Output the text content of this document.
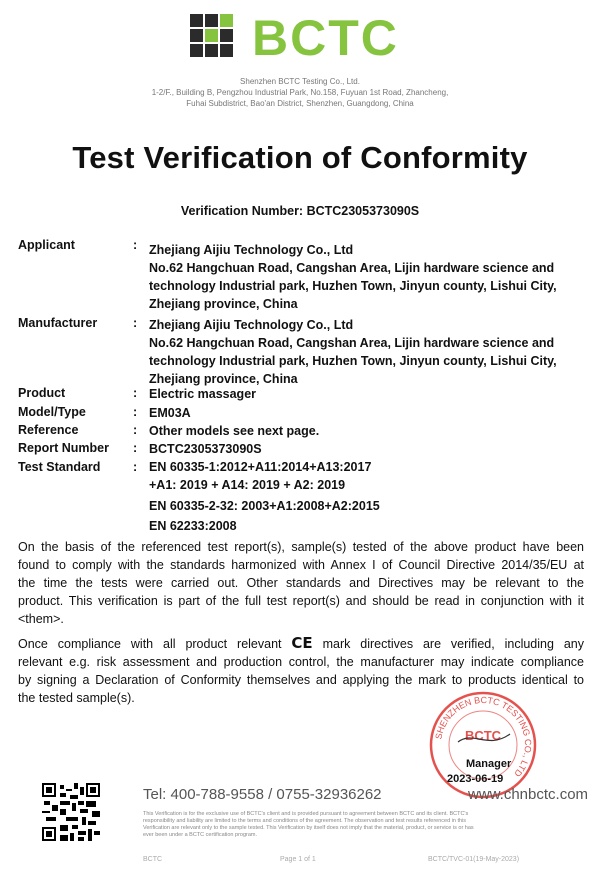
BCTC
Shenzhen BCTC Testing Co., Ltd.
1-2/F., Building B, Pengzhou Industrial Park, No.158, Fuyuan 1st Road, Zhancheng,
Fuhai Subdistrict, Bao'an District, Shenzhen, Guangdong, China
Test Verification of Conformity
Verification Number: BCTC2305373090S
Applicant	: Zhejiang Aijiu Technology Co., Ltd
No.62 Hangchuan Road, Cangshan Area, Lijin hardware science and
technology Industrial park, Huzhen Town, Jinyun county, Lishui City,
Zhejiang province, China
Manufacturer	: Zhejiang Aijiu Technology Co., Ltd
No.62 Hangchuan Road, Cangshan Area, Lijin hardware science and
technology Industrial park, Huzhen Town, Jinyun county, Lishui City,
Zhejiang province, China
Product	: Electric massager
Model/Type	: EM03A
Reference	: Other models see next page.
Report Number : BCTC2305373090S
Test Standard	: EN 60335-1:2012+A11:2014+A13:2017
+A1: 2019 + A14: 2019 + A2: 2019
EN 60335-2-32: 2003+A1:2008+A2:2015
EN 62233:2008
On the basis of the referenced test report(s), sample(s) tested of the above product have been
found to comply with the standards harmonized with Annex I of Council Directive 2014/35/EU at
the time the tests were carried out. Other standards and Directives may be relevant to the
product. This verification is part of the full test report(s) and should be read in conjunction with it
<them>.
Once compliance with all product relevant CE mark directives are verified, including any
relevant e.g. risk assessment and production control, the manufacturer may indicate compliance
by signing a Declaration of Conformity themselves and applying the mark to products identical to
the tested sample(s).
SHENZHEN BCTC TESTING CO., LTD
BCTC
Manager
2023-06-19
Tel: 400-788-9558 / 0755-32936262	www.chnbctc.com
This Verification is for the exclusive use of BCTC's client and is provided pursuant to agreement between BCTC and its client. BCTC's
responsibility and liability are limited to the terms and conditions of the agreement. The observation and test results referenced in this
Verification are relevant only to the sample tested. This Verification by itself does not imply that the material, product, or service is or has
ever been under a BCTC certification program.
BCTC	Page 1 of 1	BCTC/TVC-01(19-May-2023)
